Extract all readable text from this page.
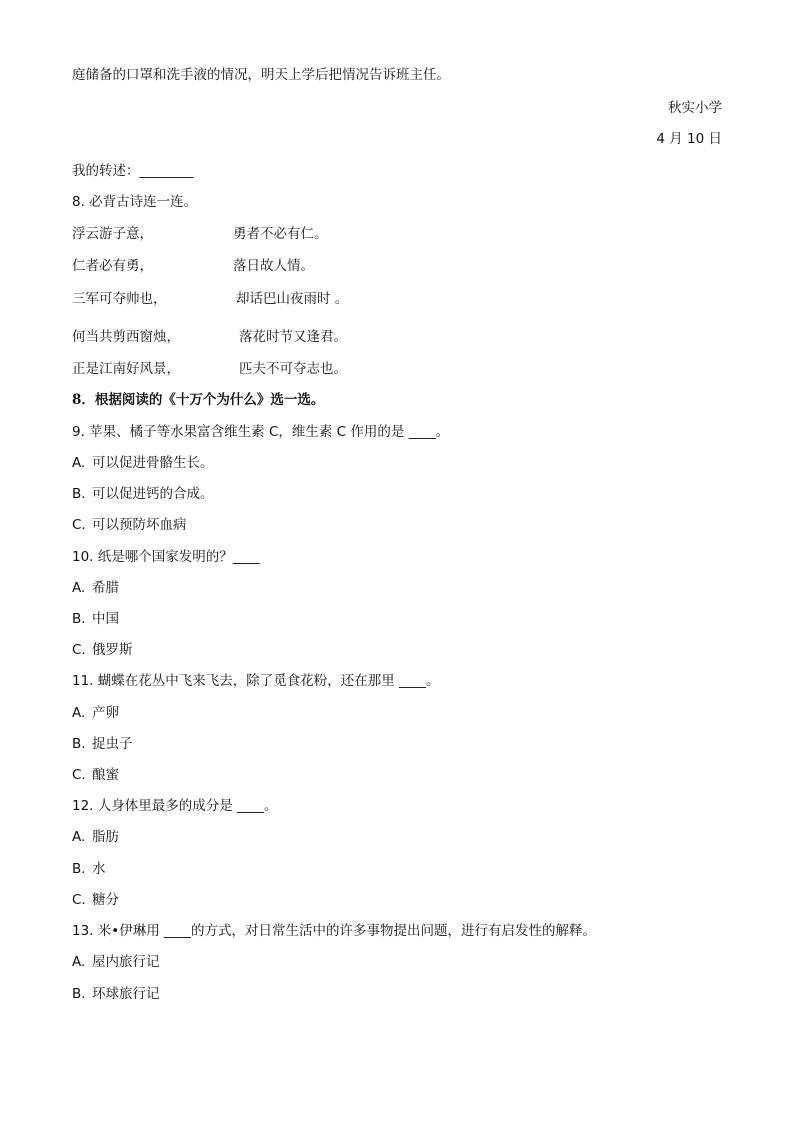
庭储备的口罩和洗手液的情况，明天上学后把情况告诉班主任。
秋实小学
4 月 10 日
我的转述：________
8. 必背古诗连一连。
浮云游子意，	勇者不必有仁。
仁者必有勇，	落日故人情。
三军可夺帅也，	却话巴山夜雨时 。
何当共剪西窗烛，	落花时节又逢君。
正是江南好风景，	匹夫不可夺志也。
8．根据阅读的《十万个为什么》选一选。
9. 苹果、橘子等水果富含维生素 C，维生素 C 作用的是 ____。
A. 可以促进骨骼生长。
B. 可以促进钙的合成。
C. 可以预防坏血病
10. 纸是哪个国家发明的？____
A. 希腊
B. 中国
C. 俄罗斯
11. 蝴蝶在花丛中飞来飞去，除了觅食花粉，还在那里 ____。
A. 产卵
B. 捉虫子
C. 酿蜜
12. 人身体里最多的成分是 ____。
A. 脂肪
B. 水
C. 糖分
13. 米•伊琳用 ____的方式，对日常生活中的许多事物提出问题，进行有启发性的解释。
A. 屋内旅行记
B. 环球旅行记
